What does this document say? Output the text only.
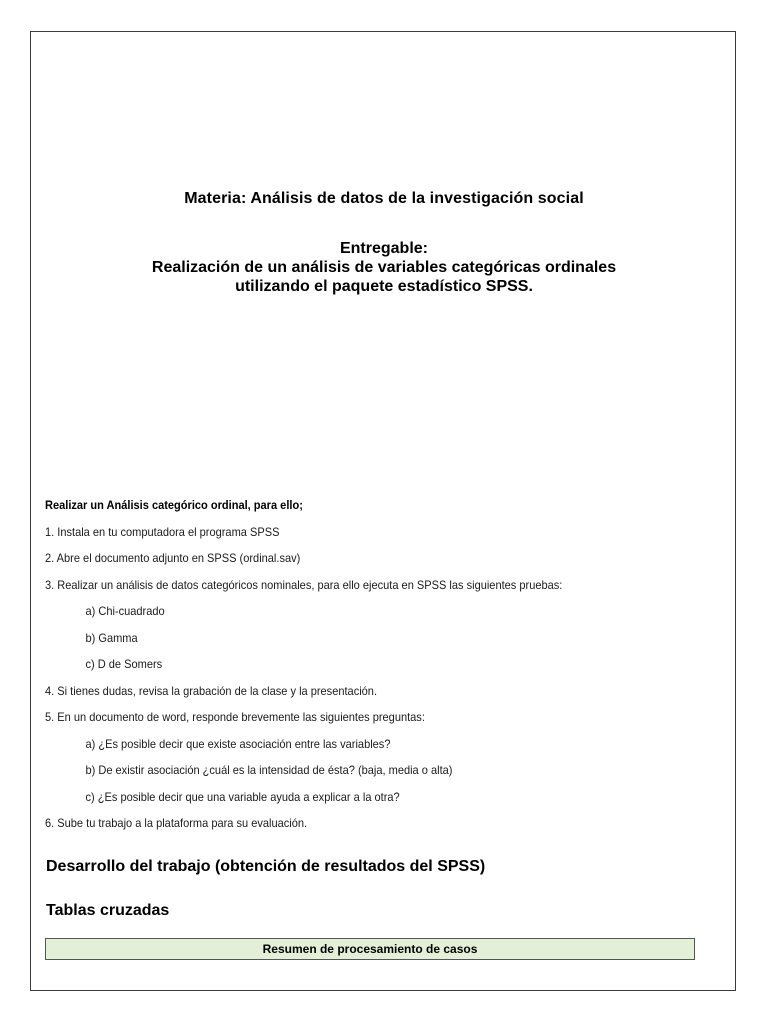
Materia: Análisis de datos de la investigación social
Entregable:
Realización de un análisis de variables categóricas ordinales
utilizando el paquete estadístico SPSS.
Realizar un Análisis categórico ordinal, para ello;
1. Instala en tu computadora el programa SPSS
2. Abre el documento adjunto en SPSS (ordinal.sav)
3. Realizar un análisis de datos categóricos nominales, para ello ejecuta en SPSS las siguientes pruebas:
a) Chi-cuadrado
b) Gamma
c) D de Somers
4. Si tienes dudas, revisa la grabación de la clase y la presentación.
5. En un documento de word, responde brevemente las siguientes preguntas:
a) ¿Es posible decir que existe asociación entre las variables?
b) De existir asociación ¿cuál es la intensidad de ésta? (baja, media o alta)
c) ¿Es posible decir que una variable ayuda a explicar a la otra?
6. Sube tu trabajo a la plataforma para su evaluación.
Desarrollo del trabajo (obtención de resultados del SPSS)
Tablas cruzadas
Resumen de procesamiento de casos
